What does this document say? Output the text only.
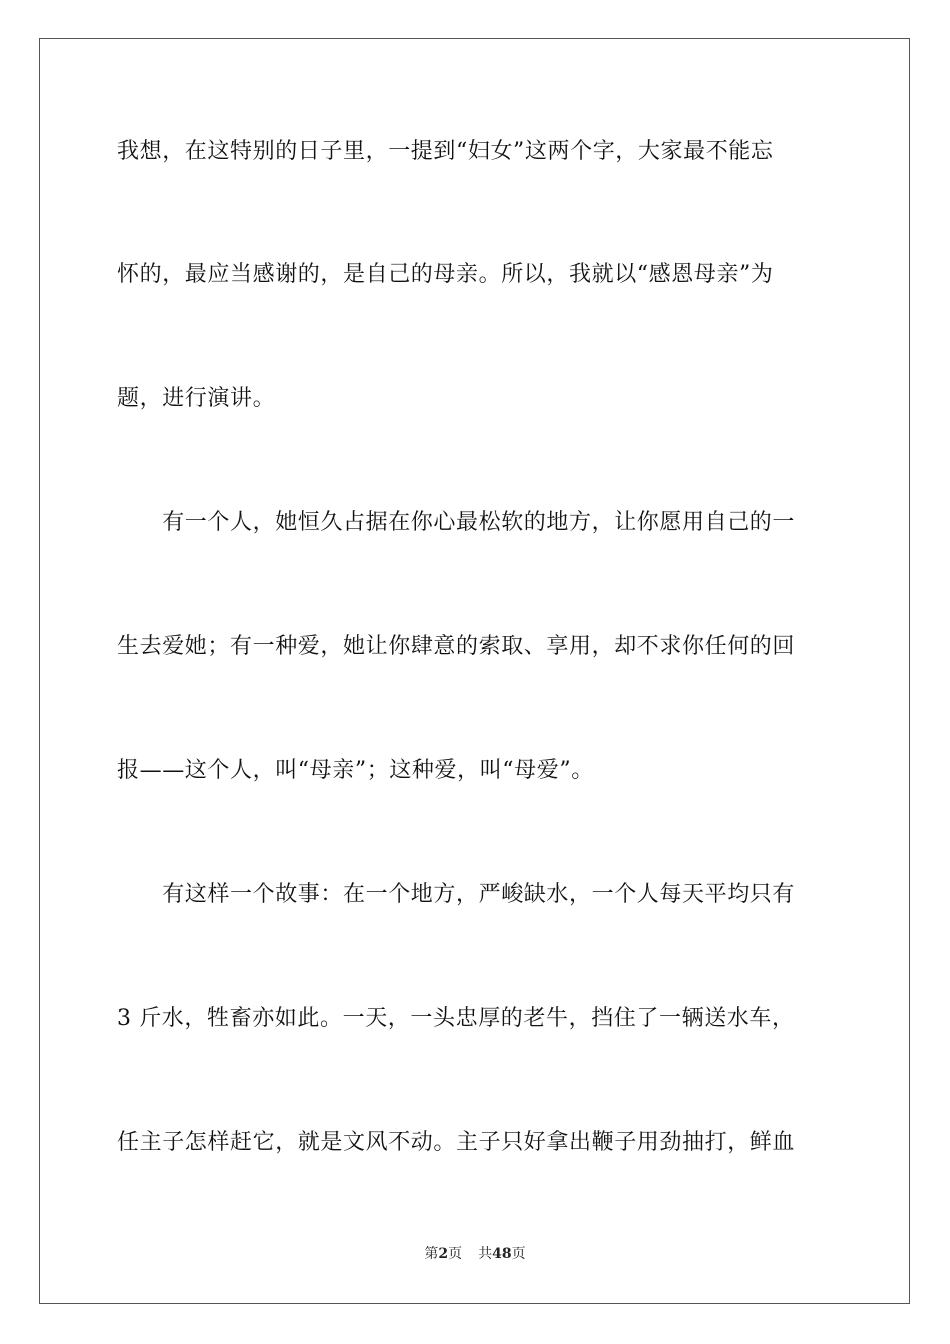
我想，在这特别的日子里，一提到“妇女”这两个字，大家最不能忘
怀的，最应当感谢的，是自己的母亲。所以，我就以“感恩母亲”为
题，进行演讲。
　　有一个人，她恒久占据在你心最松软的地方，让你愿用自己的一
生去爱她；有一种爱，她让你肆意的索取、享用，却不求你任何的回
报——这个人，叫“母亲”；这种爱，叫“母爱”。
　　有这样一个故事：在一个地方，严峻缺水，一个人每天平均只有
3 斤水，牲畜亦如此。一天，一头忠厚的老牛，挡住了一辆送水车，
任主子怎样赶它，就是文风不动。主子只好拿出鞭子用劲抽打，鲜血
第2页 共48页
